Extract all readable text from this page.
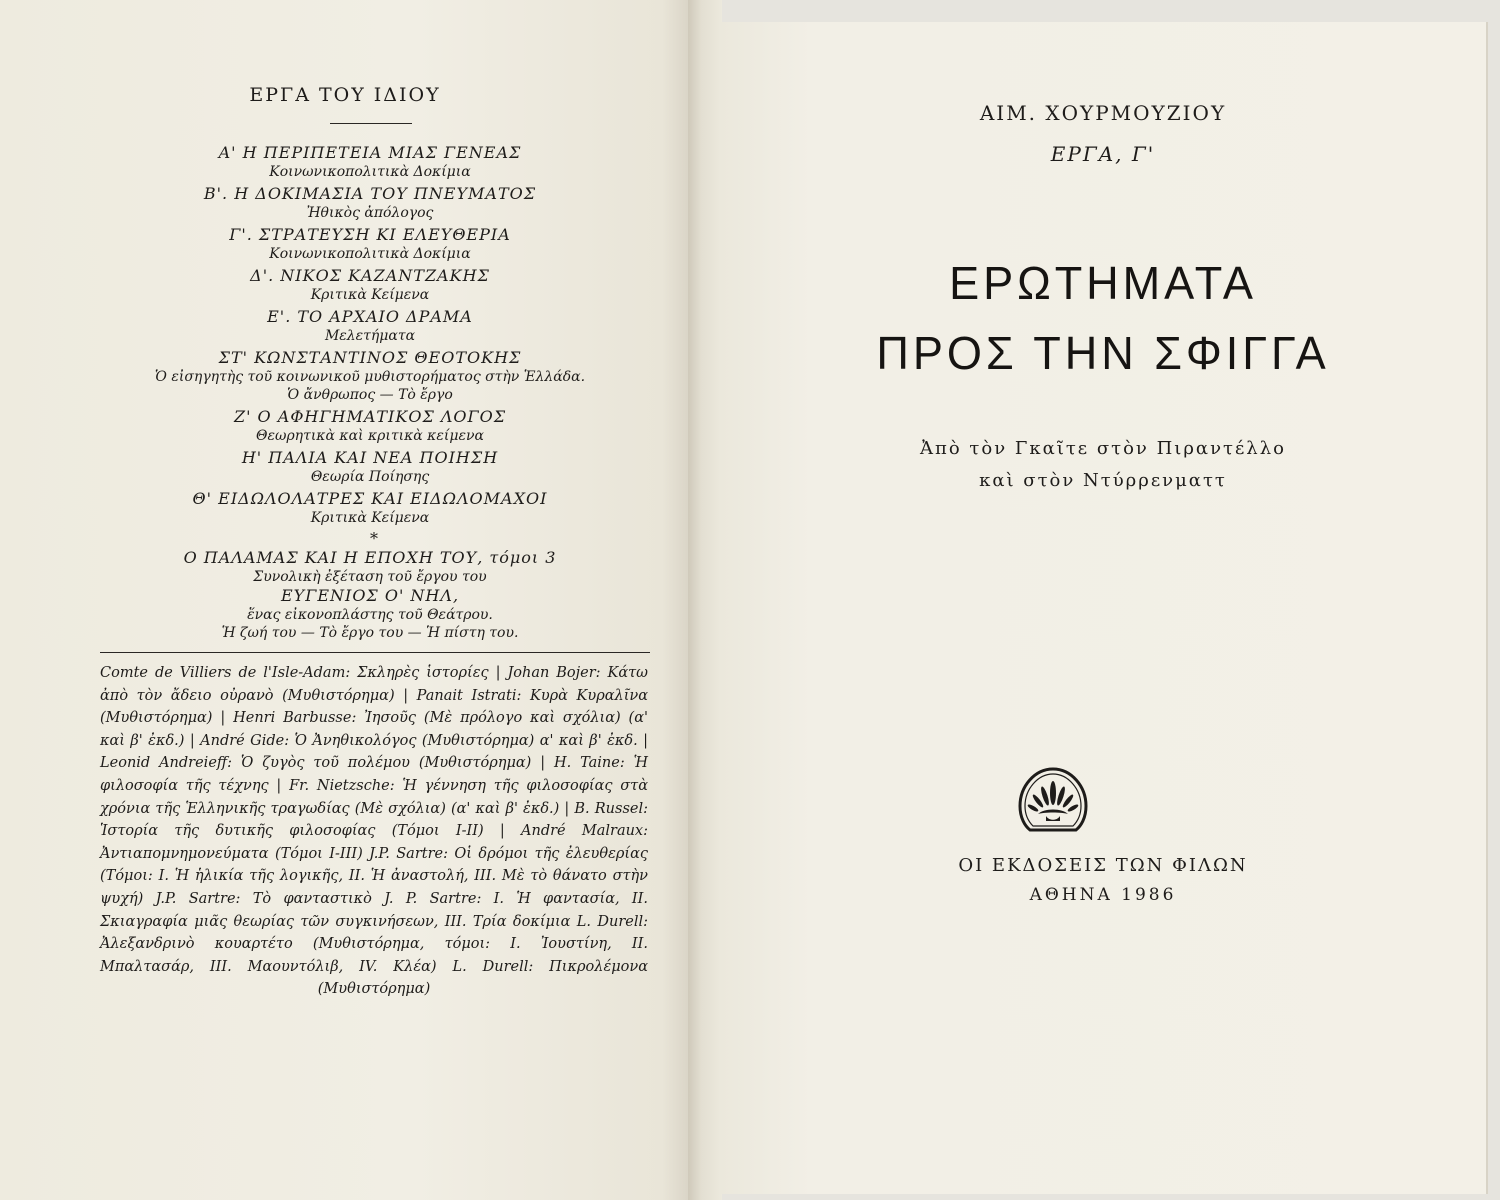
ΕΡΓΑ ΤΟΥ ΙΔΙΟΥ
Α' Η ΠΕΡΙΠΕΤΕΙΑ ΜΙΑΣ ΓΕΝΕΑΣ
Κοινωνικοπολιτικὰ Δοκίμια
Β'. Η ΔΟΚΙΜΑΣΙΑ ΤΟΥ ΠΝΕΥΜΑΤΟΣ
Ἠθικὸς ἀπόλογος
Γ'. ΣΤΡΑΤΕΥΣΗ ΚΙ ΕΛΕΥΘΕΡΙΑ
Κοινωνικοπολιτικὰ Δοκίμια
Δ'. ΝΙΚΟΣ ΚΑΖΑΝΤΖΑΚΗΣ
Κριτικὰ Κείμενα
Ε'. ΤΟ ΑΡΧΑΙΟ ΔΡΑΜΑ
Μελετήματα
ΣΤ' ΚΩΝΣΤΑΝΤΙΝΟΣ ΘΕΟΤΟΚΗΣ
Ὁ εἰσηγητὴς τοῦ κοινωνικοῦ μυθιστορήματος στὴν Ἑλλάδα.
Ὁ ἄνθρωπος — Τὸ ἔργο
Ζ' Ο ΑΦΗΓΗΜΑΤΙΚΟΣ ΛΟΓΟΣ
Θεωρητικὰ καὶ κριτικὰ κείμενα
Η' ΠΑΛΙΑ ΚΑΙ ΝΕΑ ΠΟΙΗΣΗ
Θεωρία Ποίησης
Θ' ΕΙΔΩΛΟΛΑΤΡΕΣ ΚΑΙ ΕΙΔΩΛΟΜΑΧΟΙ
Κριτικὰ Κείμενα
*
Ο ΠΑΛΑΜΑΣ ΚΑΙ Η ΕΠΟΧΗ ΤΟΥ, τόμοι 3
Συνολικὴ ἐξέταση τοῦ ἔργου του
ΕΥΓΕΝΙΟΣ Ο' ΝΗΛ,
ἕνας εἰκονοπλάστης τοῦ Θεάτρου.
Ἡ ζωή του — Τὸ ἔργο του — Ἡ πίστη του.
Comte de Villiers de l'Isle-Adam: Σκληρὲς ἱστορίες | Johan Bojer: Κάτω ἀπὸ τὸν ἄδειο οὐρανὸ (Μυθιστόρημα) | Panait Istrati: Κυρὰ Κυραλῖνα (Μυθιστόρημα) | Henri Barbusse: Ἰησοῦς (Μὲ πρόλογο καὶ σχόλια) (α' καὶ β' ἐκδ.) | André Gide: Ὁ Ἀνηθικολόγος (Μυθιστόρημα) α' καὶ β' ἐκδ. | Leonid Andreieff: Ὁ ζυγὸς τοῦ πολέμου (Μυθιστόρημα) | H. Taine: Ἡ φιλοσοφία τῆς τέχνης | Fr. Nietzsche: Ἡ γέννηση τῆς φιλοσοφίας στὰ χρόνια τῆς Ἑλληνικῆς τραγωδίας (Μὲ σχόλια) (α' καὶ β' ἐκδ.) | B. Russel: Ἱστορία τῆς δυτικῆς φιλοσοφίας (Τόμοι I-II) | André Malraux: Ἀντιαπομνημονεύματα (Τόμοι I-III) J.P. Sartre: Οἱ δρόμοι τῆς ἐλευθερίας (Τόμοι: I. Ἡ ἡλικία τῆς λογικῆς, II. Ἡ ἀναστολή, III. Μὲ τὸ θάνατο στὴν ψυχή) J.P. Sartre: Τὸ φανταστικὸ J. P. Sartre: I. Ἡ φαντασία, II. Σκιαγραφία μιᾶς θεωρίας τῶν συγκινήσεων, III. Τρία δοκίμια L. Durell: Ἀλεξανδρινὸ κουαρτέτο (Μυθιστόρημα, τόμοι: I. Ἰουστίνη, II. Μπαλτασάρ, III. Μαουντόλιβ, IV. Κλέα) L. Durell: Πικρολέμονα (Μυθιστόρημα)
ΑΙΜ. ΧΟΥΡΜΟΥΖΙΟΥ
ΕΡΓΑ, Γ'
ΕΡΩΤΗΜΑΤΑ
ΠΡΟΣ ΤΗΝ ΣΦΙΓΓΑ
Ἀπὸ τὸν Γκαῖτε στὸν Πιραντέλλο
καὶ στὸν Ντύρρενματτ
ΟΙ ΕΚΔΟΣΕΙΣ ΤΩΝ ΦΙΛΩΝ
ΑΘΗΝΑ 1986
